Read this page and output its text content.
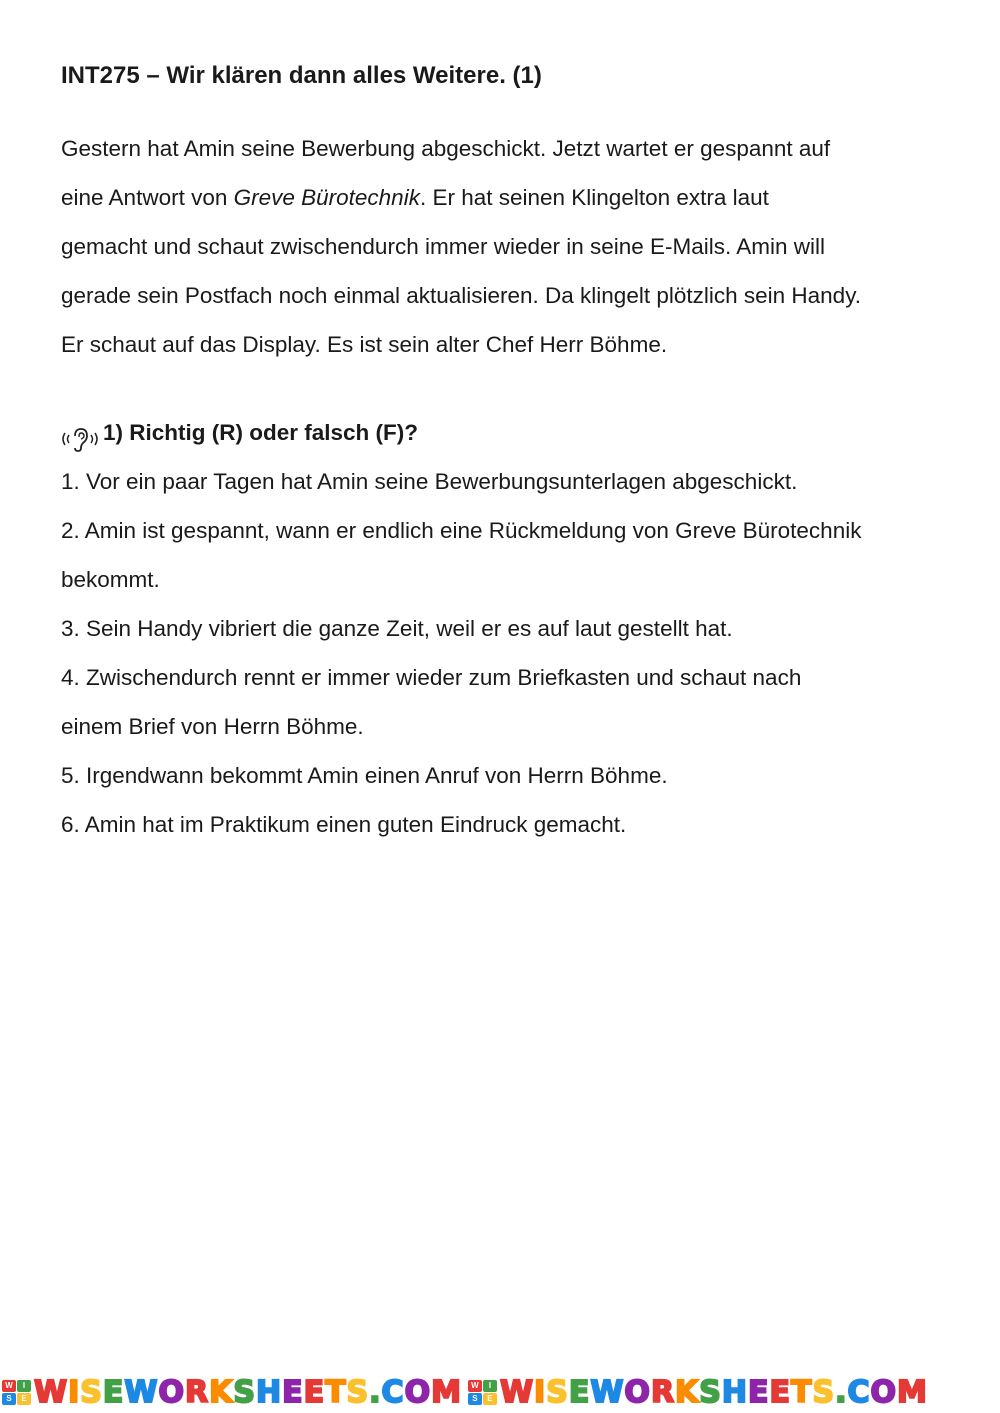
INT275 – Wir klären dann alles Weitere. (1)
Gestern hat Amin seine Bewerbung abgeschickt. Jetzt wartet er gespannt auf
eine Antwort von Greve Bürotechnik. Er hat seinen Klingelton extra laut
gemacht und schaut zwischendurch immer wieder in seine E-Mails. Amin will
gerade sein Postfach noch einmal aktualisieren. Da klingelt plötzlich sein Handy.
Er schaut auf das Display. Es ist sein alter Chef Herr Böhme.
1) Richtig (R) oder falsch (F)?
1. Vor ein paar Tagen hat Amin seine Bewerbungsunterlagen abgeschickt.
2. Amin ist gespannt, wann er endlich eine Rückmeldung von Greve Bürotechnik
bekommt.
3. Sein Handy vibriert die ganze Zeit, weil er es auf laut gestellt hat.
4. Zwischendurch rennt er immer wieder zum Briefkasten und schaut nach
einem Brief von Herrn Böhme.
5. Irgendwann bekommt Amin einen Anruf von Herrn Böhme.
6. Amin hat im Praktikum einen guten Eindruck gemacht.
W	I
S	E W I S E W O R K S H E E T S . C O M	W	I
S	E W I S E W O R K S H E E T S . C O M
